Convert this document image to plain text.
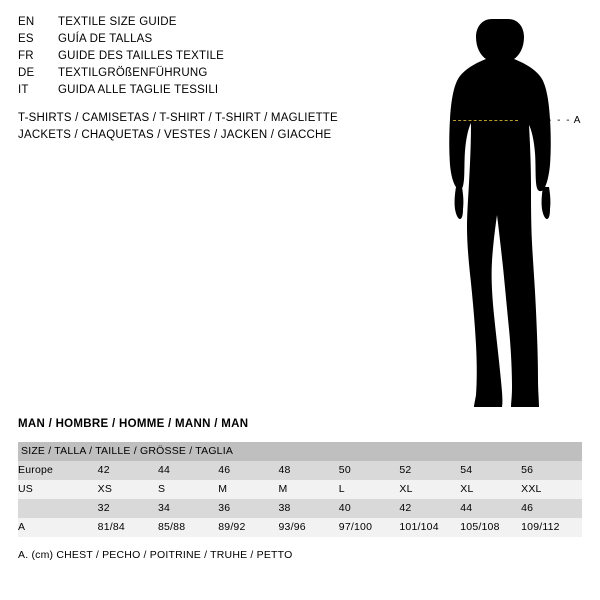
EN	TEXTILE SIZE GUIDE
ES	GUÍA DE TALLAS
FR	GUIDE DES TAILLES TEXTILE
DE	TEXTILGRÖßENFÜHRUNG
IT	GUIDA ALLE TAGLIE TESSILI
T-SHIRTS / CAMISETAS / T-SHIRT / T-SHIRT / MAGLIETTE
JACKETS / CHAQUETAS / VESTES / JACKEN / GIACCHE
- - - A
MAN / HOMBRE / HOMME / MANN / MAN
SIZE / TALLA / TAILLE / GRÖSSE / TAGLIA								
Europe	42	44	46	48	50	52	54	56
US	XS	S	M	M	L	XL	XL	XXL
	32	34	36	38	40	42	44	46
A	81/84	85/88	89/92	93/96	97/100	101/104	105/108	109/112
A. (cm) CHEST / PECHO / POITRINE / TRUHE / PETTO
